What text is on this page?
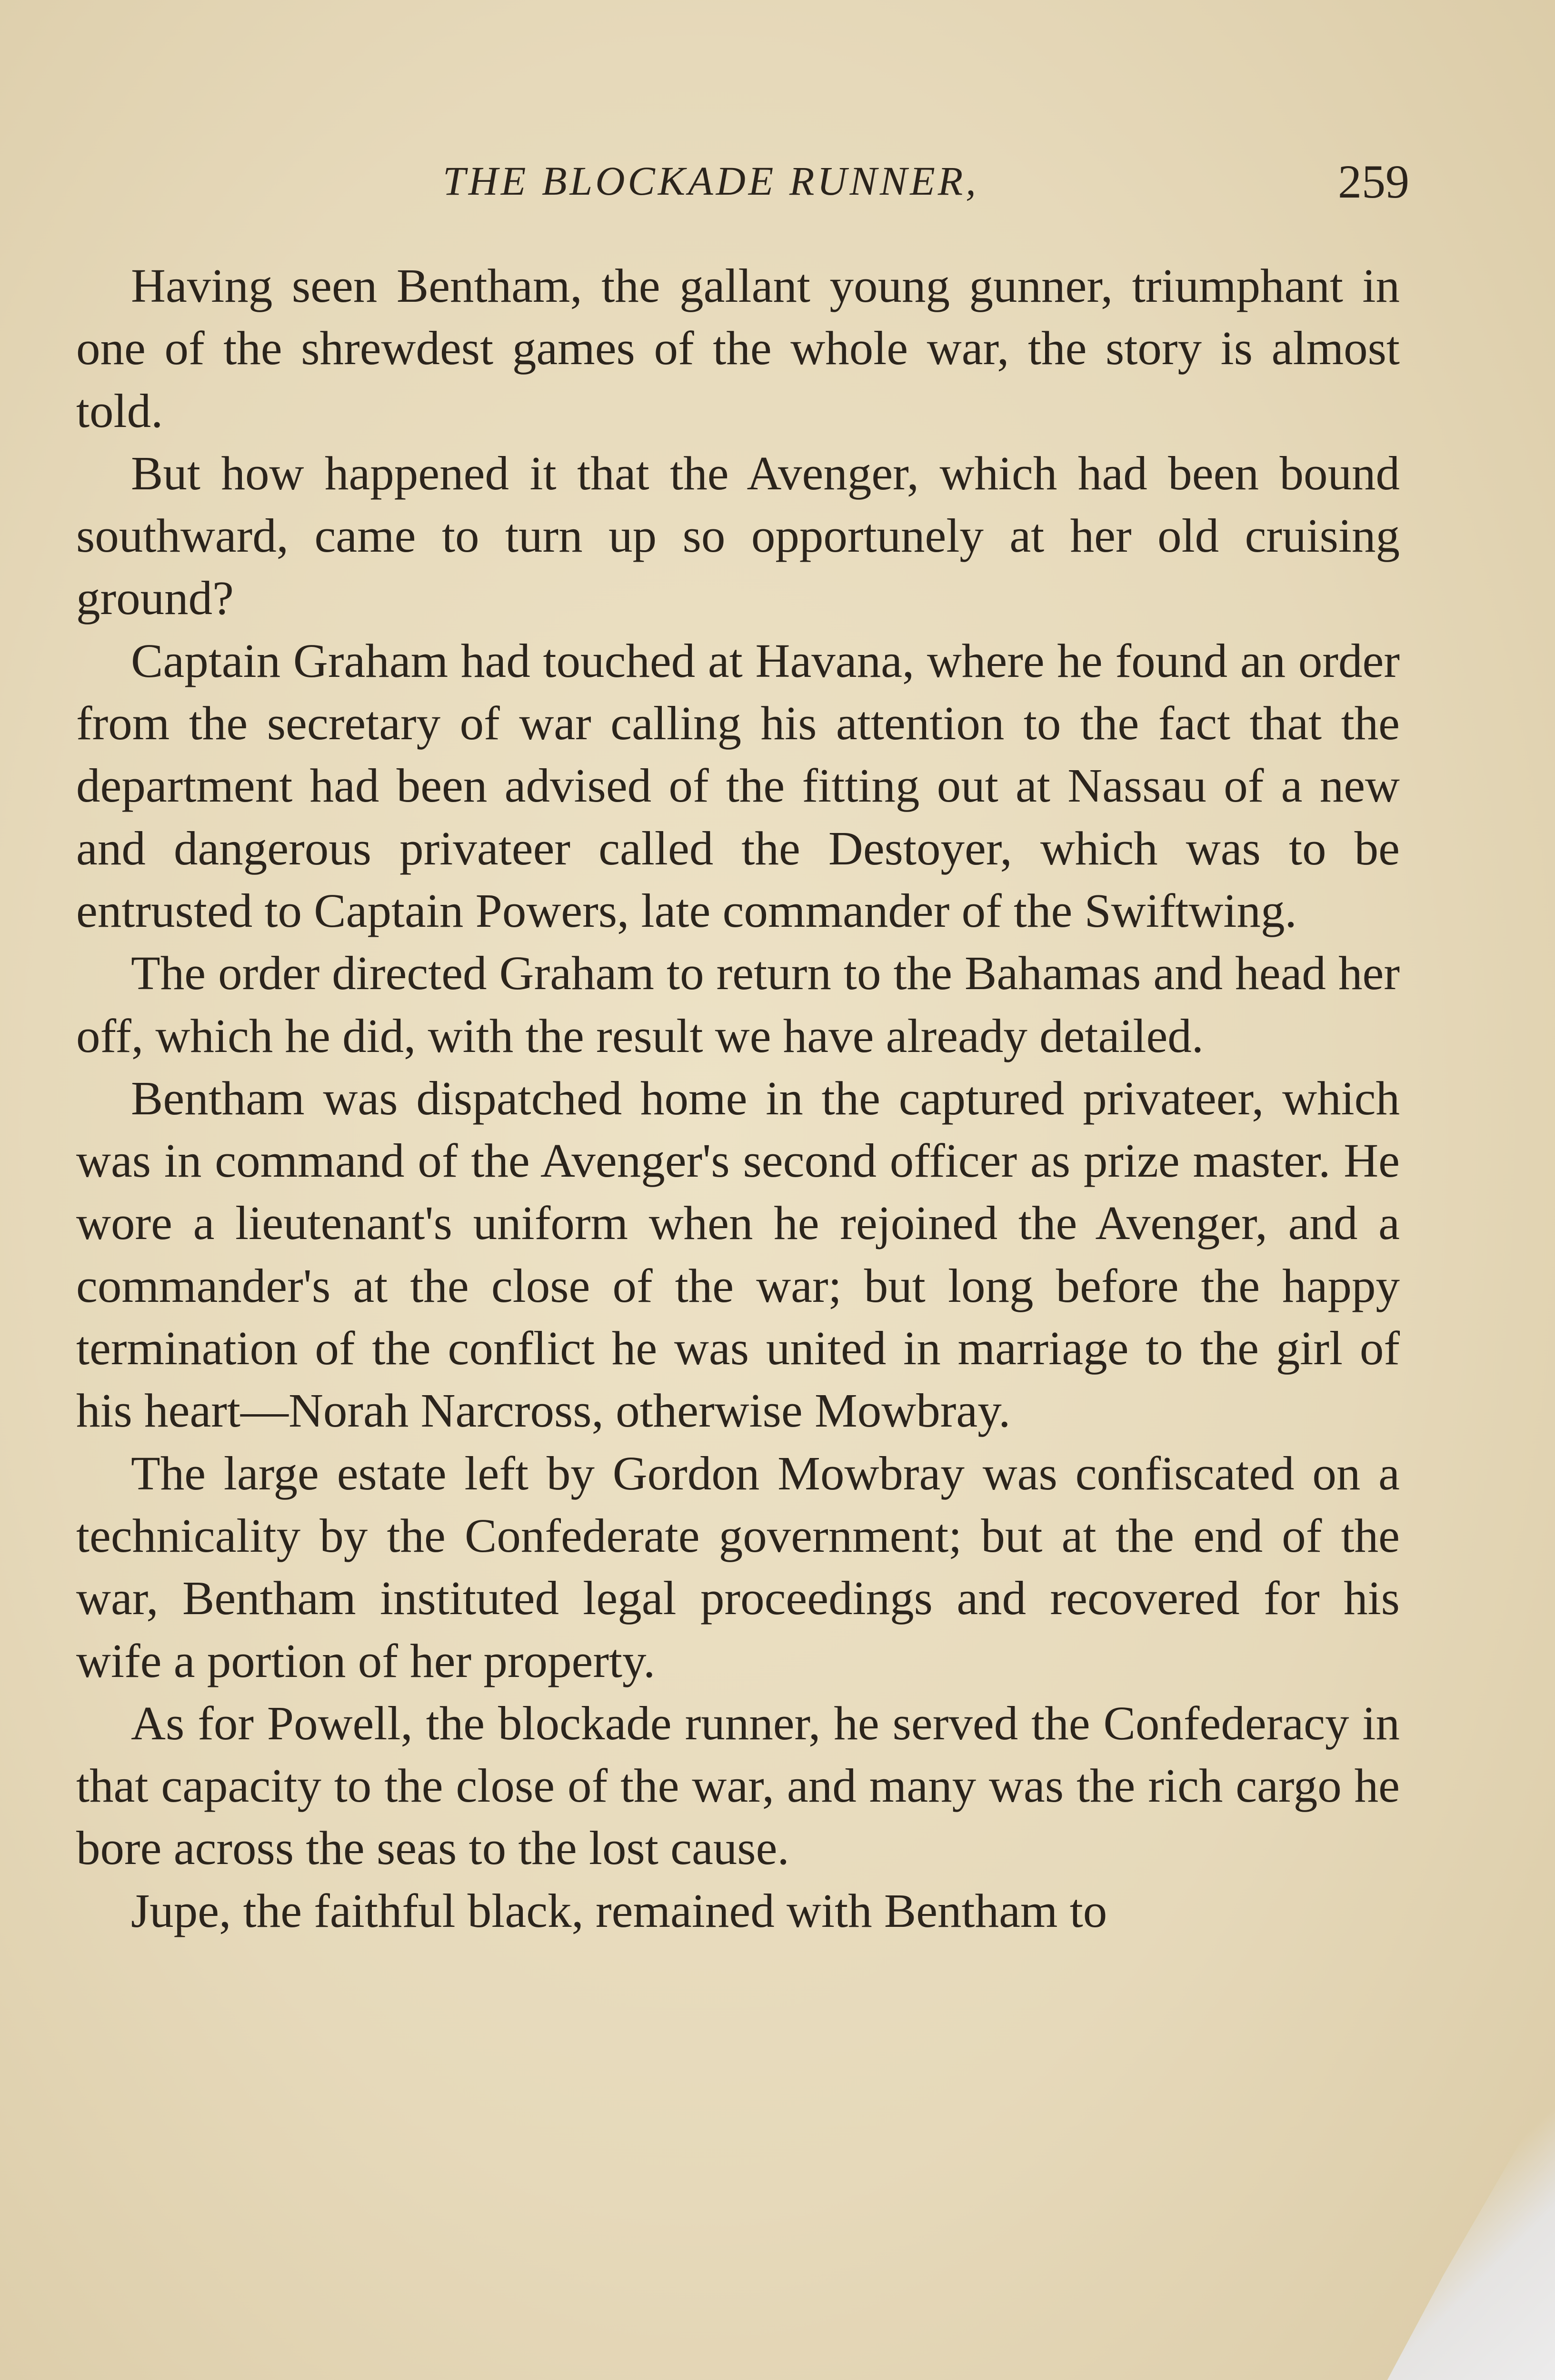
THE BLOCKADE RUNNER,	259

Having seen Bentham, the gallant young gunner, triumphant in one of the shrewdest games of the whole war, the story is almost told.

But how happened it that the Avenger, which had been bound southward, came to turn up so opportunely at her old cruising ground?

Captain Graham had touched at Havana, where he found an order from the secretary of war calling his attention to the fact that the department had been advised of the fitting out at Nassau of a new and dangerous privateer called the Destoyer, which was to be entrusted to Captain Powers, late commander of the Swiftwing.

The order directed Graham to return to the Bahamas and head her off, which he did, with the result we have already detailed.

Bentham was dispatched home in the captured privateer, which was in command of the Avenger's second officer as prize master. He wore a lieutenant's uniform when he rejoined the Avenger, and a commander's at the close of the war; but long before the happy termination of the conflict he was united in marriage to the girl of his heart—Norah Narcross, otherwise Mowbray.

The large estate left by Gordon Mowbray was confiscated on a technicality by the Confederate government; but at the end of the war, Bentham instituted legal proceedings and recovered for his wife a portion of her property.

As for Powell, the blockade runner, he served the Confederacy in that capacity to the close of the war, and many was the rich cargo he bore across the seas to the lost cause.

Jupe, the faithful black, remained with Bentham to
